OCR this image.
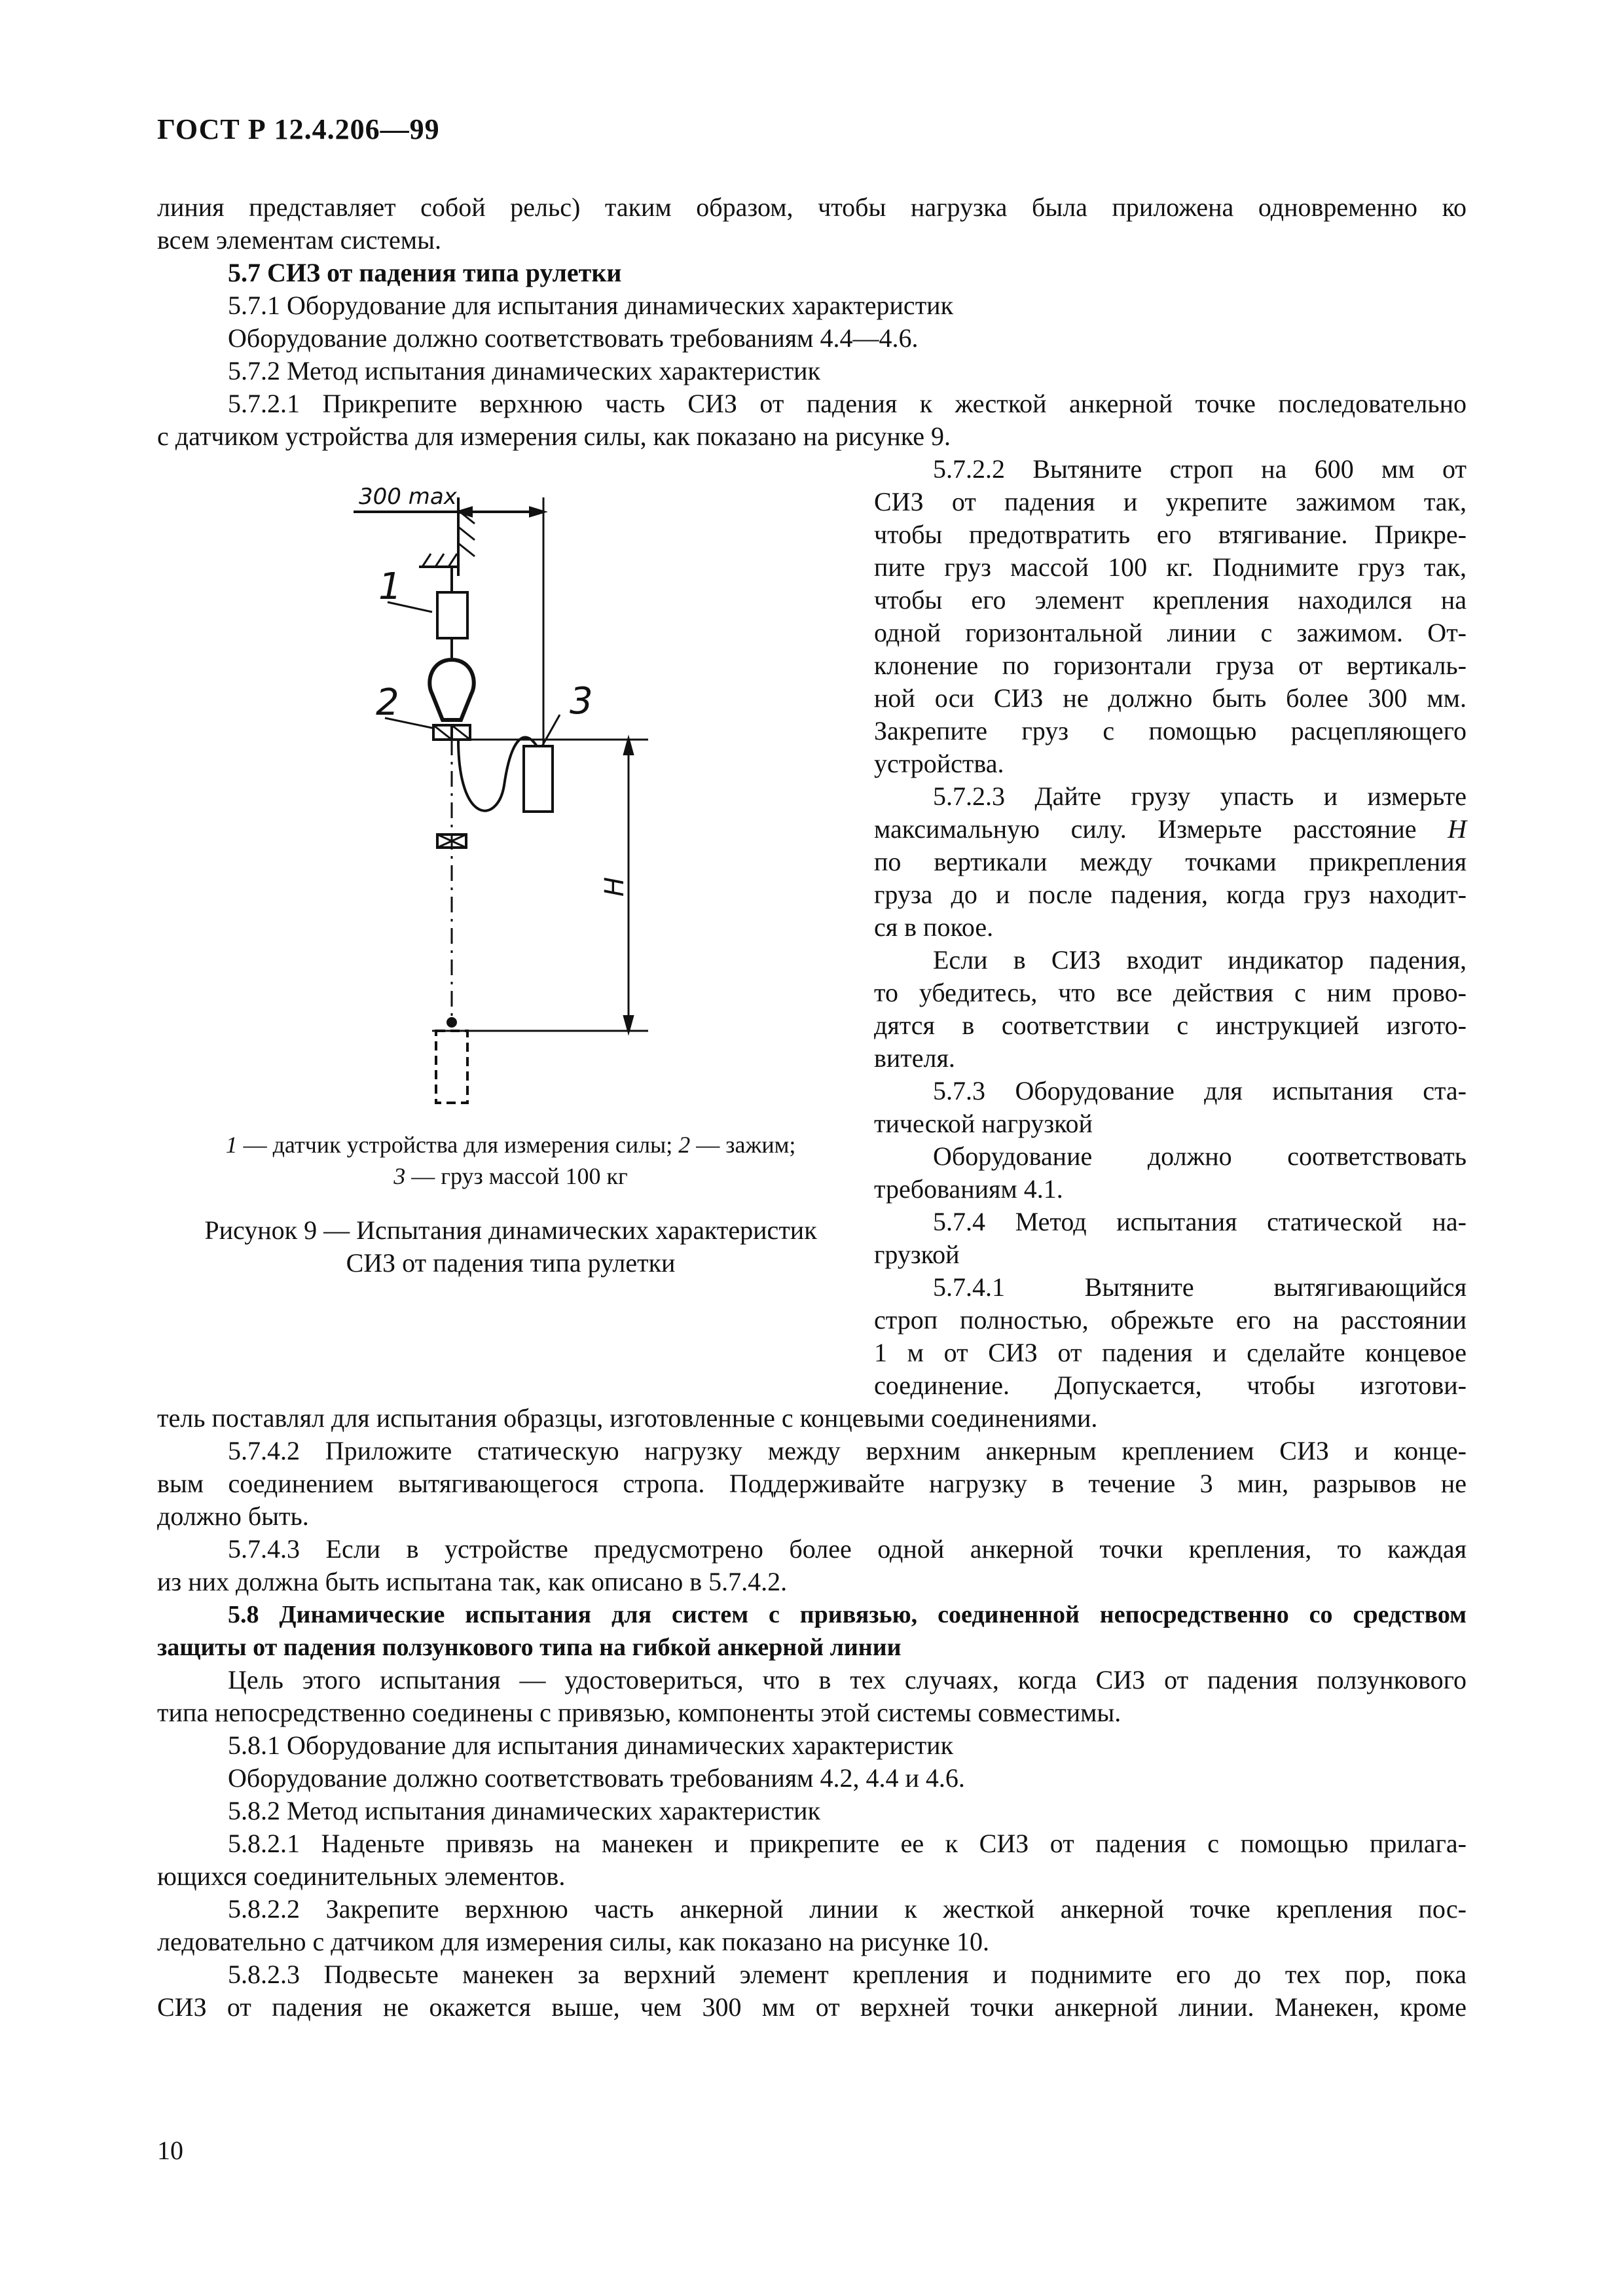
ГОСТ Р 12.4.206—99
линия представляет собой рельс) таким образом, чтобы нагрузка была приложена одновременно ко
всем элементам системы.
5.7 СИЗ от падения типа рулетки
5.7.1 Оборудование для испытания динамических характеристик
Оборудование должно соответствовать требованиям 4.4—4.6.
5.7.2 Метод испытания динамических характеристик
5.7.2.1 Прикрепите верхнюю часть СИЗ от падения к жесткой анкерной точке последовательно
с датчиком устройства для измерения силы, как показано на рисунке 9.
5.7.2.2 Вытяните строп на 600 мм от
СИЗ от падения и укрепите зажимом так,
чтобы предотвратить его втягивание. Прикре-
пите груз массой 100 кг. Поднимите груз так,
чтобы его элемент крепления находился на
одной горизонтальной линии с зажимом. От-
клонение по горизонтали груза от вертикаль-
ной оси СИЗ не должно быть более 300 мм.
Закрепите груз с помощью расцепляющего
устройства.
5.7.2.3 Дайте грузу упасть и измерьте
максимальную силу. Измерьте расстояние H
по вертикали между точками прикрепления
груза до и после падения, когда груз находит-
ся в покое.
Если в СИЗ входит индикатор падения,
то убедитесь, что все действия с ним прово-
дятся в соответствии с инструкцией изгото-
вителя.
5.7.3 Оборудование для испытания ста-
тической нагрузкой
Оборудование должно соответствовать
требованиям 4.1.
5.7.4 Метод испытания статической на-
грузкой
5.7.4.1 Вытяните вытягивающийся
строп полностью, обрежьте его на расстоянии
1 м от СИЗ от падения и сделайте концевое
соединение. Допускается, чтобы изготови-
300 max
1
2	3
H
1 — датчик устройства для измерения силы; 2 — зажим;
3 — груз массой 100 кг
Рисунок 9 — Испытания динамических характеристик
СИЗ от падения типа рулетки
тель поставлял для испытания образцы, изготовленные с концевыми соединениями.
5.7.4.2 Приложите статическую нагрузку между верхним анкерным креплением СИЗ и конце-
вым соединением вытягивающегося стропа. Поддерживайте нагрузку в течение 3 мин, разрывов не
должно быть.
5.7.4.3 Если в устройстве предусмотрено более одной анкерной точки крепления, то каждая
из них должна быть испытана так, как описано в 5.7.4.2.
5.8 Динамические испытания для систем с привязью, соединенной непосредственно со средством
защиты от падения ползункового типа на гибкой анкерной линии
Цель этого испытания — удостовериться, что в тех случаях, когда СИЗ от падения ползункового
типа непосредственно соединены с привязью, компоненты этой системы совместимы.
5.8.1 Оборудование для испытания динамических характеристик
Оборудование должно соответствовать требованиям 4.2, 4.4 и 4.6.
5.8.2 Метод испытания динамических характеристик
5.8.2.1 Наденьте привязь на манекен и прикрепите ее к СИЗ от падения с помощью прилага-
ющихся соединительных элементов.
5.8.2.2 Закрепите верхнюю часть анкерной линии к жесткой анкерной точке крепления пос-
ледовательно с датчиком для измерения силы, как показано на рисунке 10.
5.8.2.3 Подвесьте манекен за верхний элемент крепления и поднимите его до тех пор, пока
СИЗ от падения не окажется выше, чем 300 мм от верхней точки анкерной линии. Манекен, кроме
10
